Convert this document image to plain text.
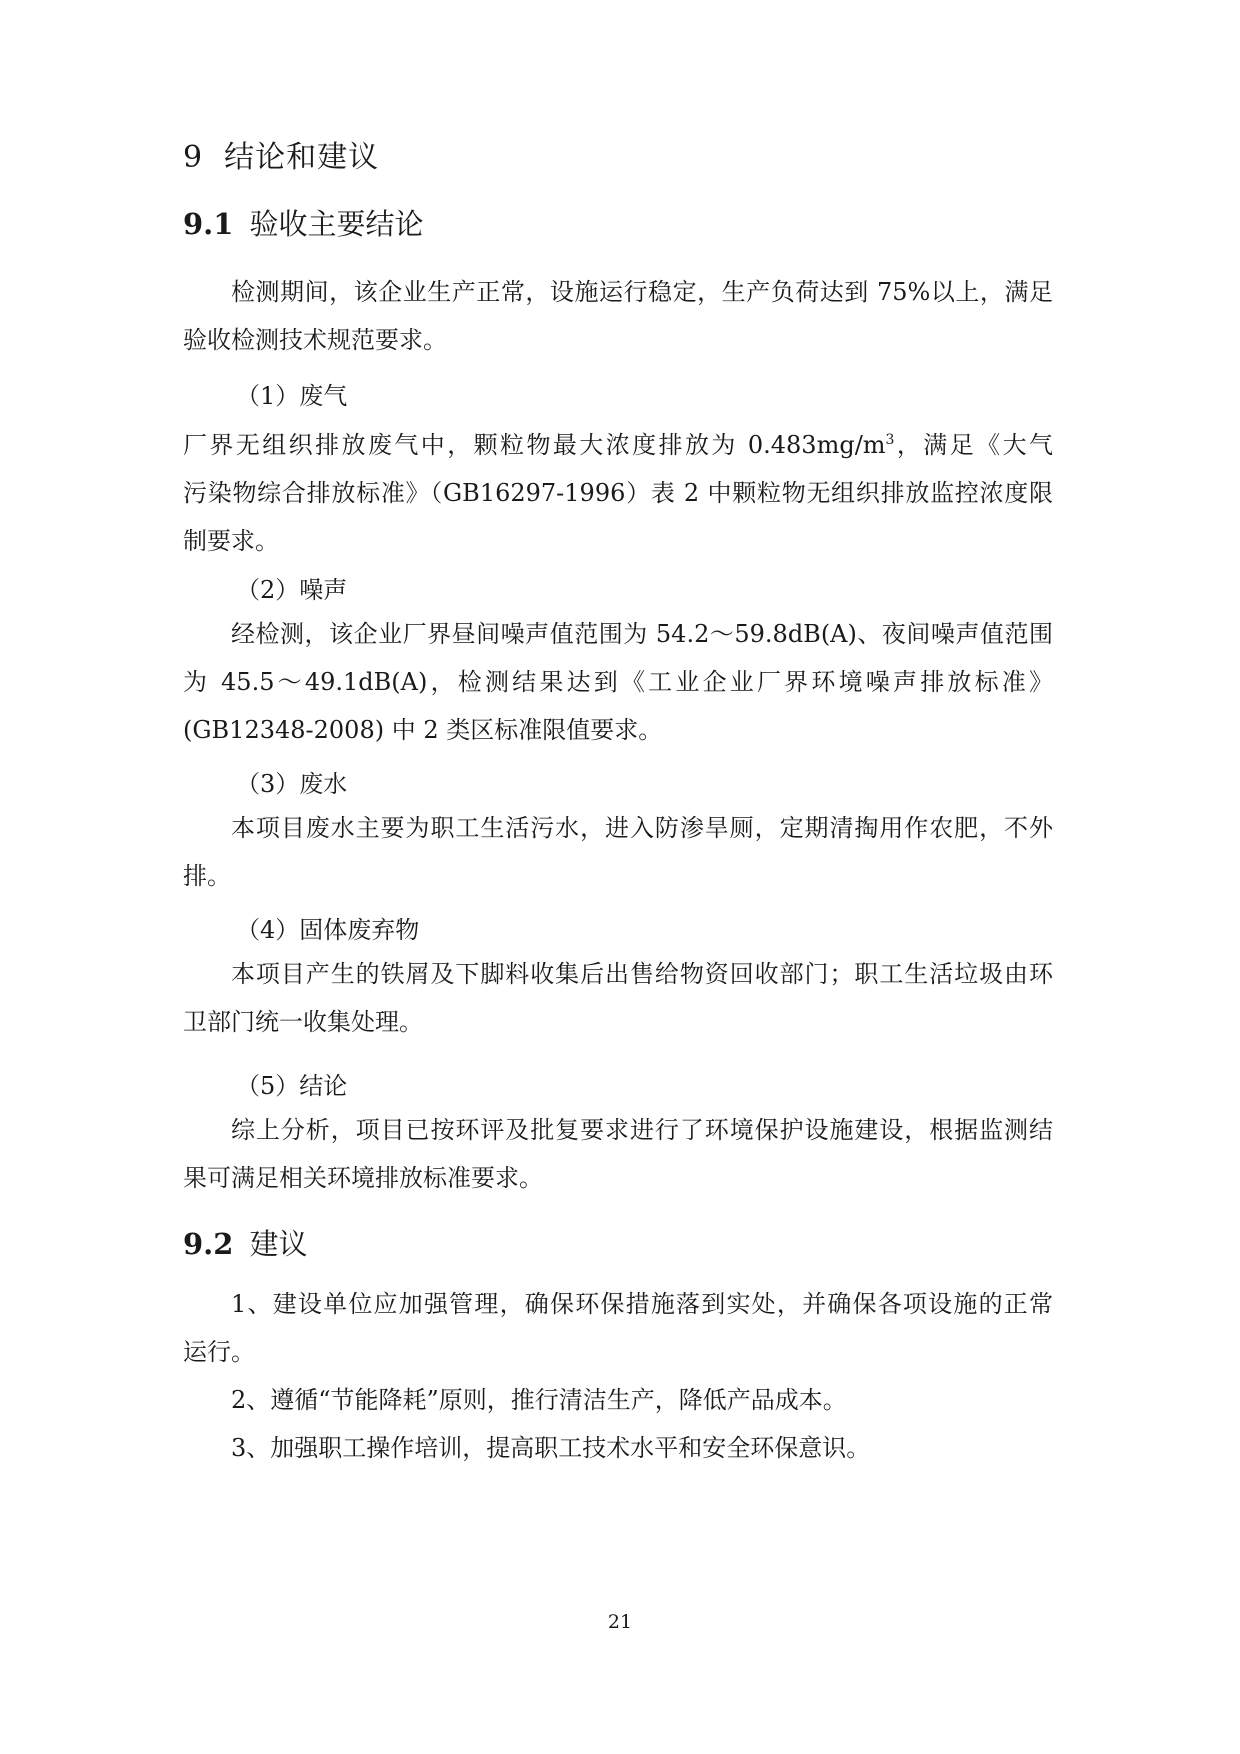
9 结论和建议
9.1 验收主要结论
检测期间，该企业生产正常，设施运行稳定，生产负荷达到 75%以上，满足
验收检测技术规范要求。
（1）废气
厂界无组织排放废气中，颗粒物最大浓度排放为 $0.483mg/m^3$，满足《大气
污染物综合排放标准》（GB16297-1996）表 2 中颗粒物无组织排放监控浓度限
制要求。
（2）噪声
经检测，该企业厂界昼间噪声值范围为 54.2～59.8dB(A)、夜间噪声值范围
为 45.5～49.1dB(A)，检测结果达到《工业企业厂界环境噪声排放标准》
(GB12348-2008) 中 2 类区标准限值要求。
（3）废水
本项目废水主要为职工生活污水，进入防渗旱厕，定期清掏用作农肥，不外
排。
（4）固体废弃物
本项目产生的铁屑及下脚料收集后出售给物资回收部门；职工生活垃圾由环
卫部门统一收集处理。
（5）结论
综上分析，项目已按环评及批复要求进行了环境保护设施建设，根据监测结
果可满足相关环境排放标准要求。
9.2 建议
1、建设单位应加强管理，确保环保措施落到实处，并确保各项设施的正常
运行。
2、遵循“节能降耗”原则，推行清洁生产，降低产品成本。
3、加强职工操作培训，提高职工技术水平和安全环保意识。
21
